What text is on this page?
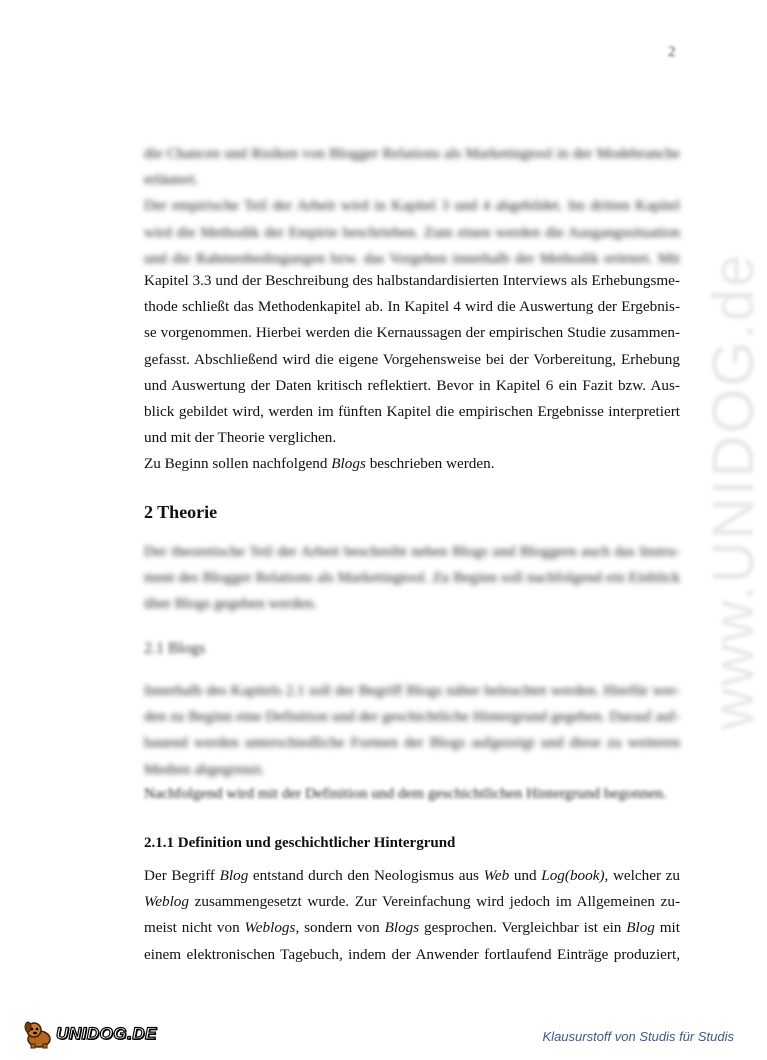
2
www.UNIDOG.de
die Chancen und Risiken von Blogger Relations als Marketingtool in der Modebranche
erläutert.
Der empirische Teil der Arbeit wird in Kapitel 3 und 4 abgebildet. Im dritten Kapitel
wird die Methodik der Empirie beschrieben. Zum einen werden die Ausgangssituation
und die Rahmenbedingungen bzw. das Vorgehen innerhalb der Methodik erörtert. Mit
Kapitel 3.3 und der Beschreibung des halbstandardisierten Interviews als Erhebungsme-
thode schließt das Methodenkapitel ab. In Kapitel 4 wird die Auswertung der Ergebnis-
se vorgenommen. Hierbei werden die Kernaussagen der empirischen Studie zusammen-
gefasst. Abschließend wird die eigene Vorgehensweise bei der Vorbereitung, Erhebung
und Auswertung der Daten kritisch reflektiert. Bevor in Kapitel 6 ein Fazit bzw. Aus-
blick gebildet wird, werden im fünften Kapitel die empirischen Ergebnisse interpretiert
und mit der Theorie verglichen.
Zu Beginn sollen nachfolgend Blogs beschrieben werden.
2 Theorie
Der theoretische Teil der Arbeit beschreibt neben Blogs und Bloggern auch das Instru-
ment des Blogger Relations als Marketingtool. Zu Beginn soll nachfolgend ein Einblick
über Blogs gegeben werden.
2.1 Blogs
Innerhalb des Kapitels 2.1 soll der Begriff Blogs näher beleuchtet werden. Hierfür wer-
den zu Beginn eine Definition und der geschichtliche Hintergrund gegeben. Darauf auf-
bauend werden unterschiedliche Formen der Blogs aufgezeigt und diese zu weiteren
Medien abgegrenzt.
Nachfolgend wird mit der Definition und dem geschichtlichen Hintergrund begonnen.
2.1.1 Definition und geschichtlicher Hintergrund
Der Begriff Blog entstand durch den Neologismus aus Web und Log(book), welcher zu
Weblog zusammengesetzt wurde. Zur Vereinfachung wird jedoch im Allgemeinen zu-
meist nicht von Weblogs, sondern von Blogs gesprochen. Vergleichbar ist ein Blog mit
einem elektronischen Tagebuch, indem der Anwender fortlaufend Einträge produziert,
UNIDOG.DE	Klausurstoff von Studis für Studis
